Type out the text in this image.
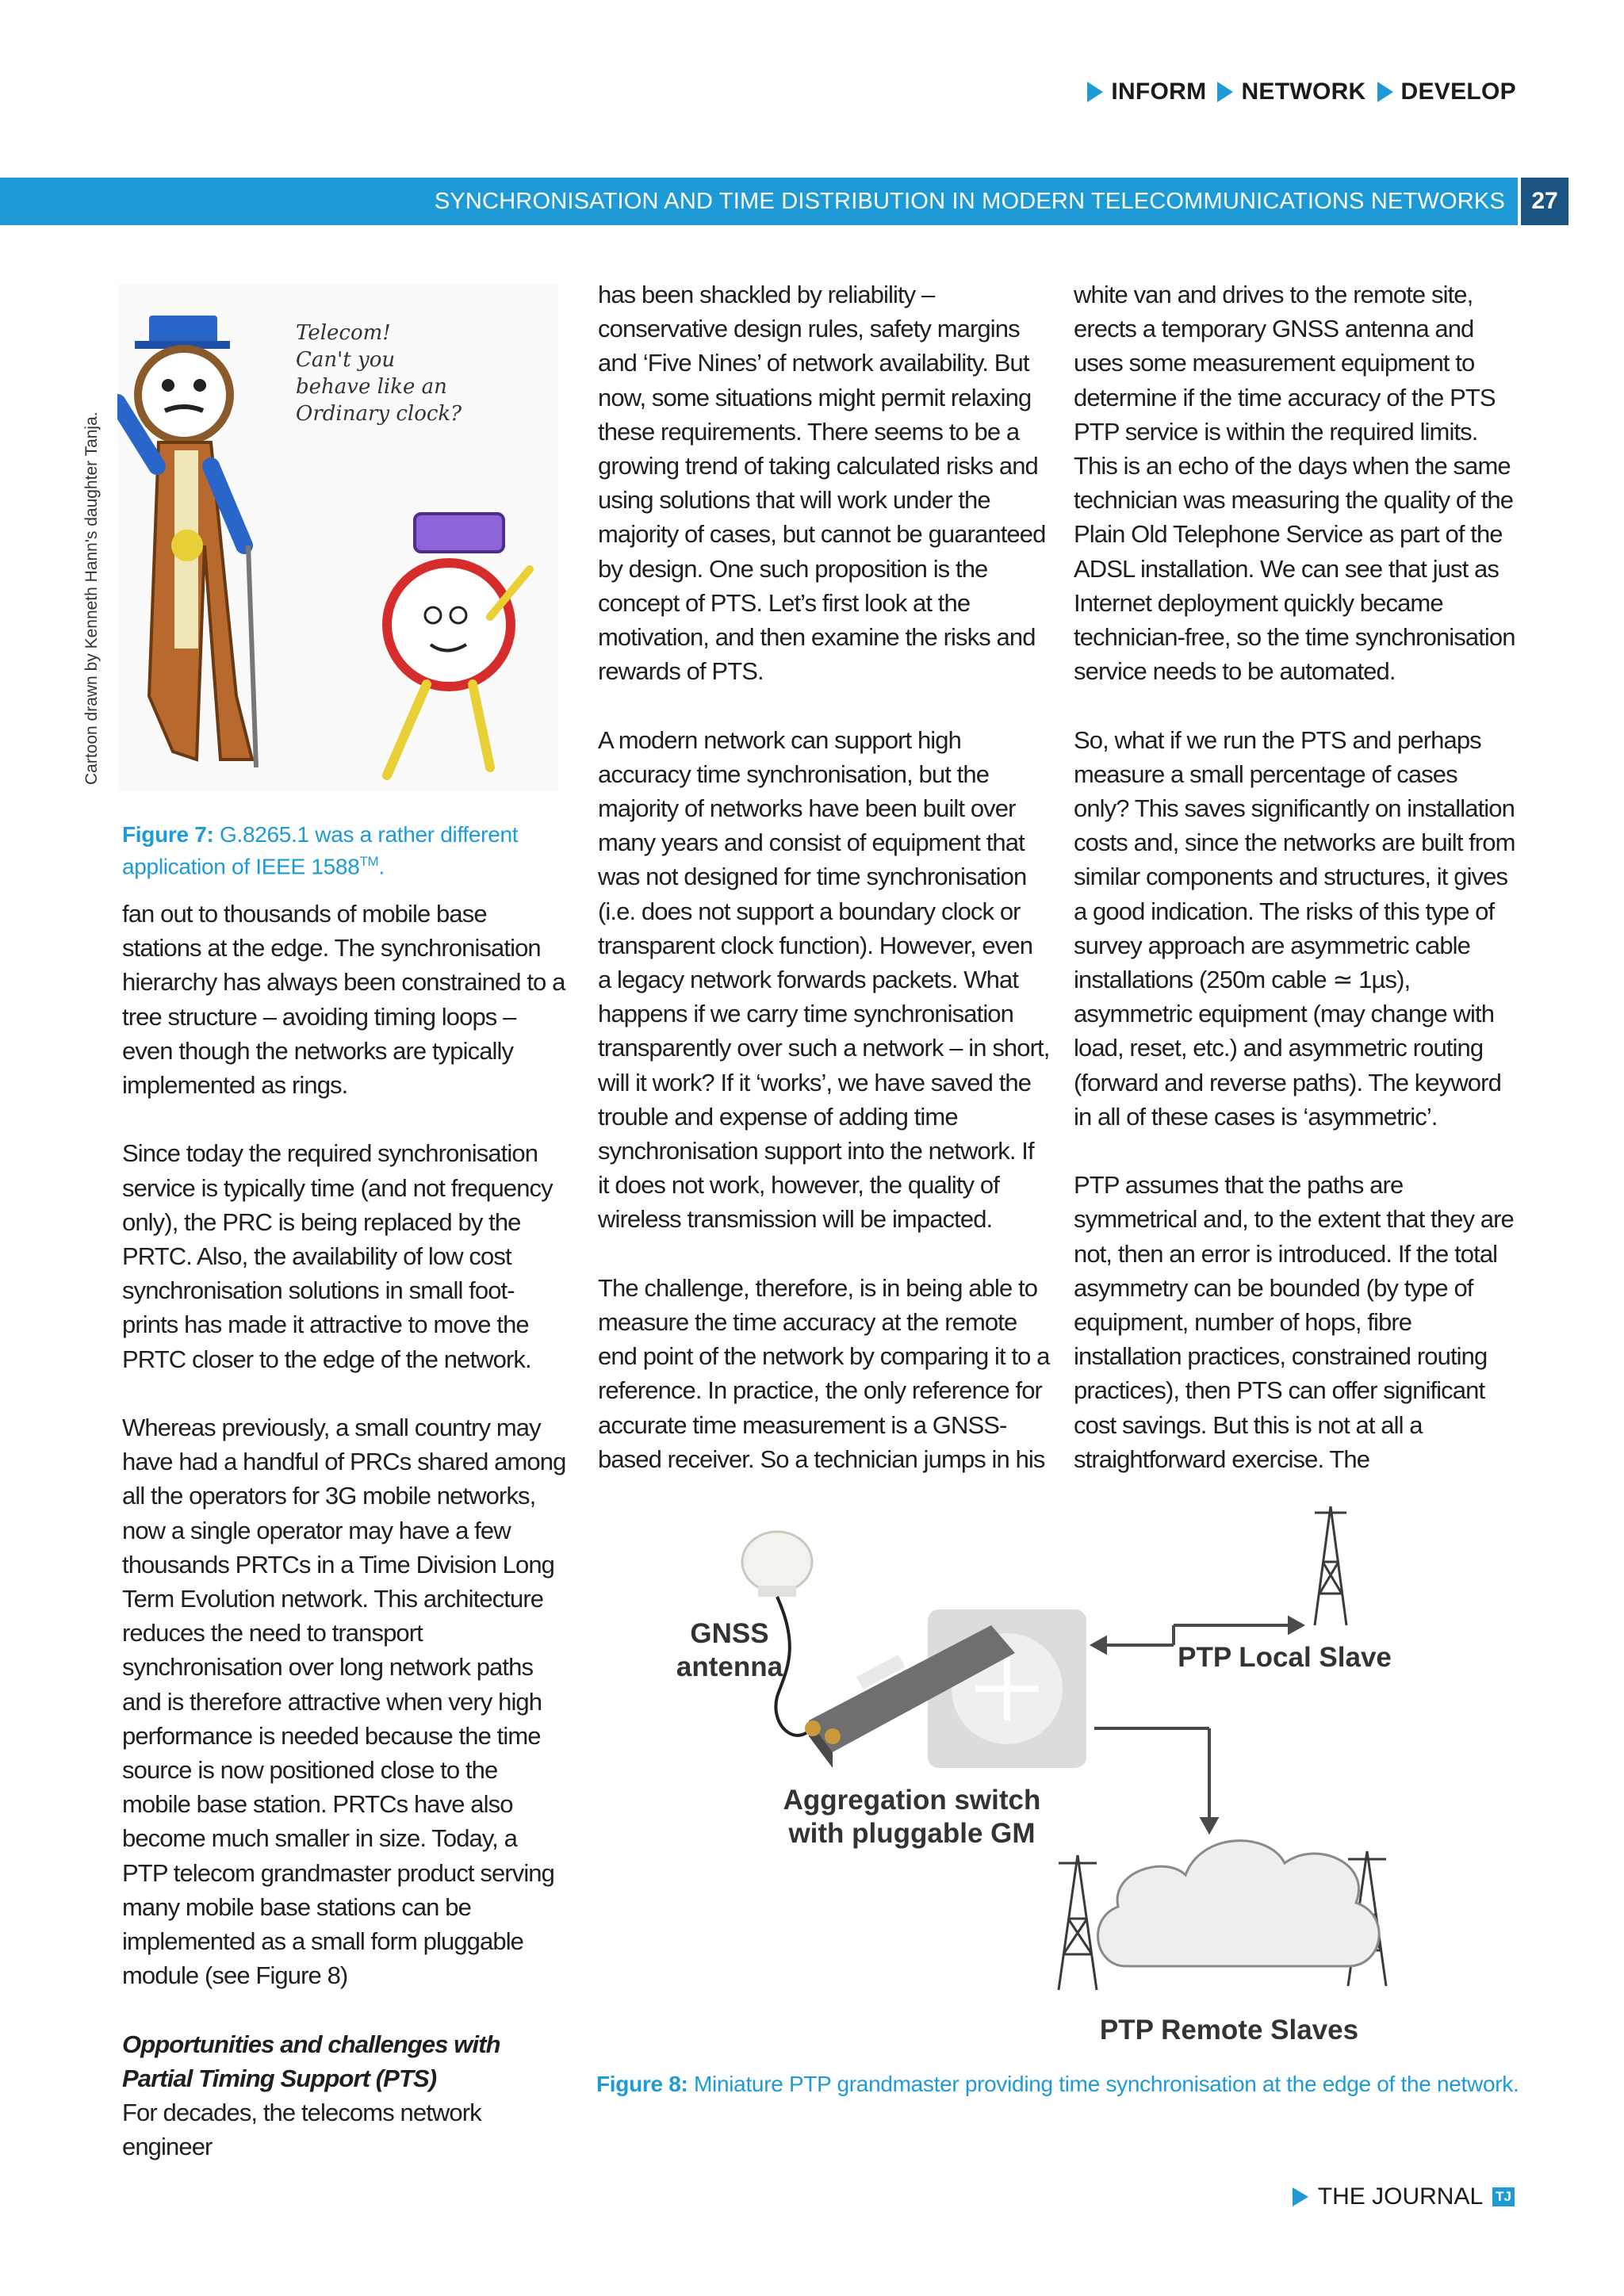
INFORM NETWORK DEVELOP
SYNCHRONISATION AND TIME DISTRIBUTION IN MODERN TELECOMMUNICATIONS NETWORKS	27
Cartoon drawn by Kenneth Hann's daughter Tanja.
Telecom!
Can't you
behave like an
Ordinary clock?
Figure 7: G.8265.1 was a rather different application of IEEE 1588™.

fan out to thousands of mobile base stations at the edge. The synchronisation hierarchy has always been constrained to a tree structure – avoiding timing loops – even though the networks are typically implemented as rings.

Since today the required synchronisation service is typically time (and not frequency only), the PRC is being replaced by the PRTC. Also, the availability of low cost synchronisation solutions in small foot-prints has made it attractive to move the PRTC closer to the edge of the network.

Whereas previously, a small country may have had a handful of PRCs shared among all the operators for 3G mobile networks, now a single operator may have a few thousands PRTCs in a Time Division Long Term Evolution network. This architecture reduces the need to transport synchronisation over long network paths and is therefore attractive when very high performance is needed because the time source is now positioned close to the mobile base station. PRTCs have also become much smaller in size. Today, a PTP telecom grandmaster product serving many mobile base stations can be implemented as a small form pluggable module (see Figure 8)

Opportunities and challenges with Partial Timing Support (PTS)

For decades, the telecoms network engineer

has been shackled by reliability – conservative design rules, safety margins and ‘Five Nines’ of network availability. But now, some situations might permit relaxing these requirements. There seems to be a growing trend of taking calculated risks and using solutions that will work under the majority of cases, but cannot be guaranteed by design. One such proposition is the concept of PTS. Let’s first look at the motivation, and then examine the risks and rewards of PTS.

A modern network can support high accuracy time synchronisation, but the majority of networks have been built over many years and consist of equipment that was not designed for time synchronisation (i.e. does not support a boundary clock or transparent clock function). However, even a legacy network forwards packets. What happens if we carry time synchronisation transparently over such a network – in short, will it work? If it ‘works’, we have saved the trouble and expense of adding time synchronisation support into the network. If it does not work, however, the quality of wireless transmission will be impacted.

The challenge, therefore, is in being able to measure the time accuracy at the remote end point of the network by comparing it to a reference. In practice, the only reference for accurate time measurement is a GNSS-based receiver. So a technician jumps in his

white van and drives to the remote site, erects a temporary GNSS antenna and uses some measurement equipment to determine if the time accuracy of the PTS PTP service is within the required limits. This is an echo of the days when the same technician was measuring the quality of the Plain Old Telephone Service as part of the ADSL installation. We can see that just as Internet deployment quickly became technician-free, so the time synchronisation service needs to be automated.

So, what if we run the PTS and perhaps measure a small percentage of cases only? This saves significantly on installation costs and, since the networks are built from similar components and structures, it gives a good indication. The risks of this type of survey approach are asymmetric cable installations (250m cable ≃ 1µs), asymmetric equipment (may change with load, reset, etc.) and asymmetric routing (forward and reverse paths). The keyword in all of these cases is ‘asymmetric’.

PTP assumes that the paths are symmetrical and, to the extent that they are not, then an error is introduced. If the total asymmetry can be bounded (by type of equipment, number of hops, fibre installation practices, constrained routing practices), then PTS can offer significant cost savings. But this is not at all a straightforward exercise. The

GNSS
antenna
Aggregation switch
with pluggable GM
PTP Local Slave
PTP Remote Slaves
Figure 8: Miniature PTP grandmaster providing time synchronisation at the edge of the network.
THE JOURNAL TJ
